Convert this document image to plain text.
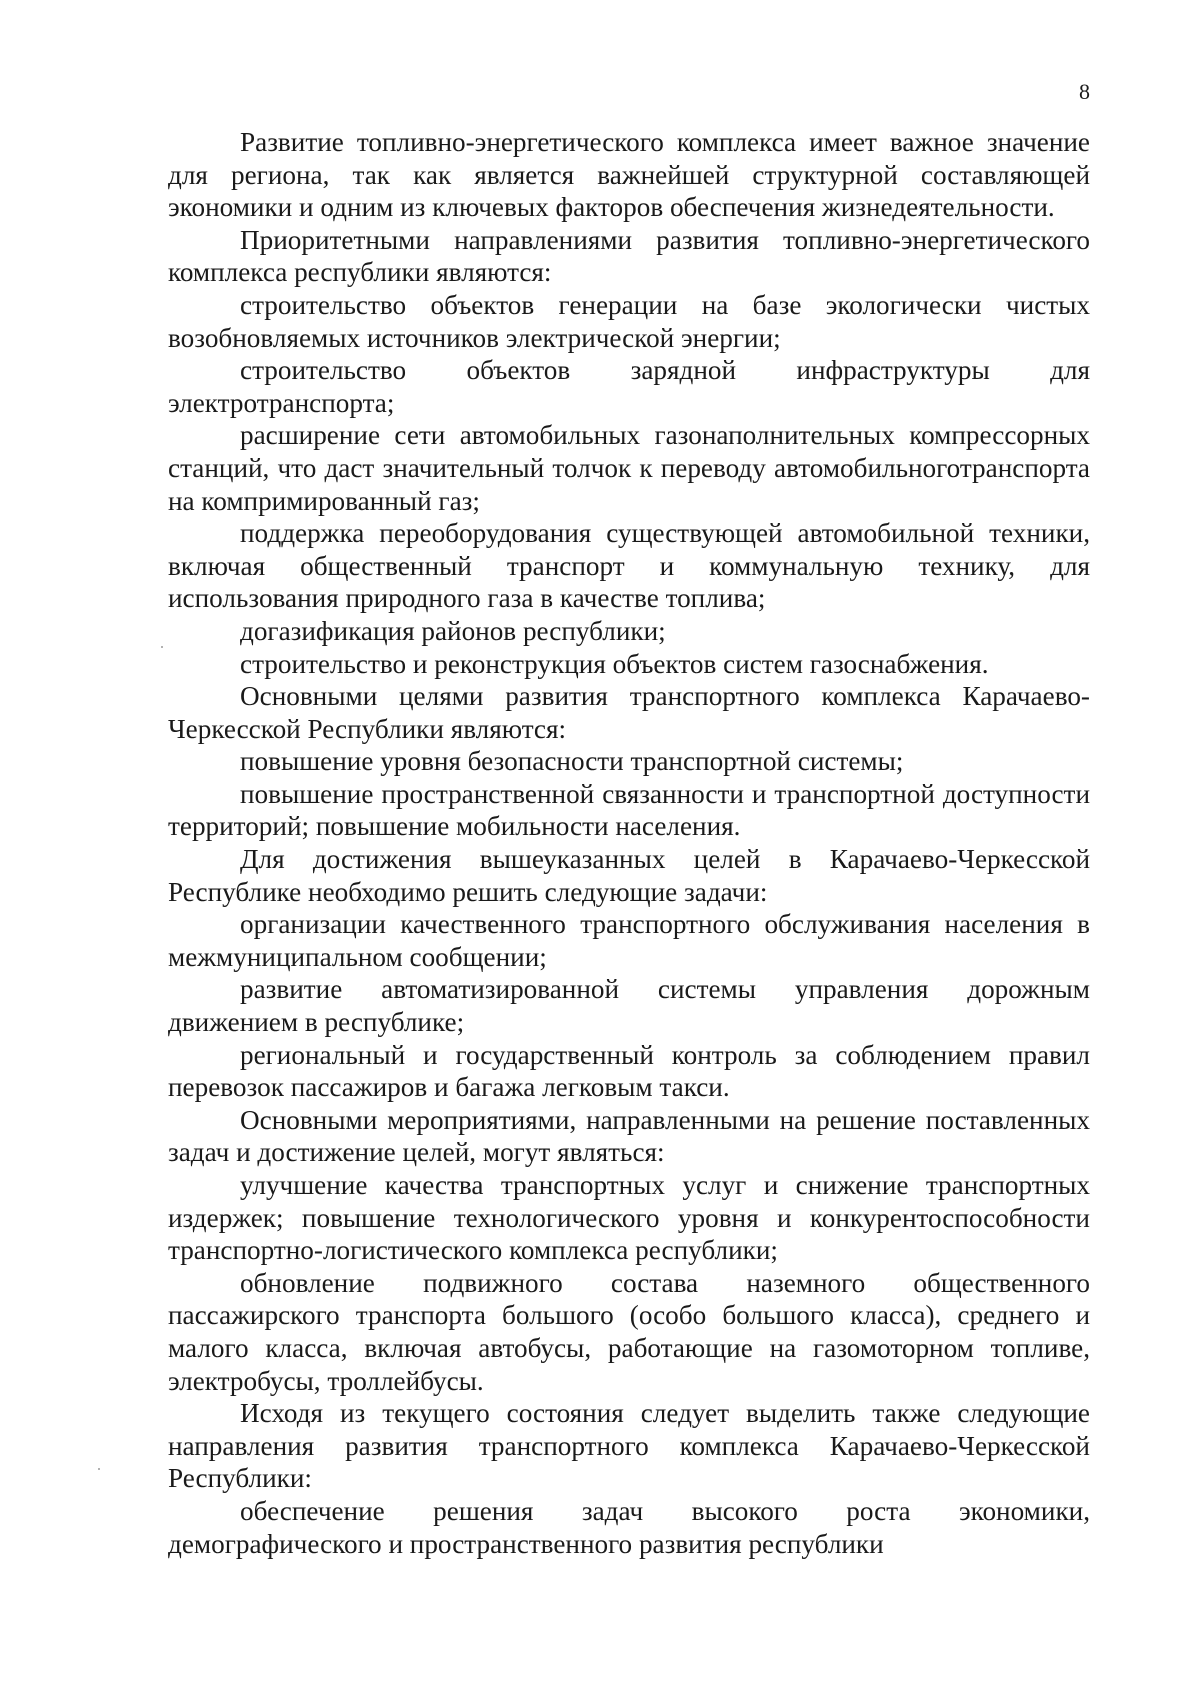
8

Развитие топливно-энергетического комплекса имеет важное значение для региона, так как является важнейшей структурной составляющей экономики и одним из ключевых факторов обеспечения жизнедеятельности.

Приоритетными направлениями развития топливно-энергетического комплекса республики являются:

строительство объектов генерации на базе экологически чистых возобновляемых источников электрической энергии;

строительство объектов зарядной инфраструктуры для электротранспорта;

расширение сети автомобильных газонаполнительных компрессорных станций, что даст значительный толчок к переводу автомобильноготранспорта на компримированный газ;

поддержка переоборудования существующей автомобильной техники, включая общественный транспорт и коммунальную технику, для использования природного газа в качестве топлива;

догазификация районов республики;

строительство и реконструкция объектов систем газоснабжения.

Основными целями развития транспортного комплекса Карачаево-Черкесской Республики являются:

повышение уровня безопасности транспортной системы;

повышение пространственной связанности и транспортной доступности территорий; повышение мобильности населения.

Для достижения вышеуказанных целей в Карачаево-Черкесской Республике необходимо решить следующие задачи:

организации качественного транспортного обслуживания населения в межмуниципальном сообщении;

развитие автоматизированной системы управления дорожным движением в республике;

региональный и государственный контроль за соблюдением правил перевозок пассажиров и багажа легковым такси.

Основными мероприятиями, направленными на решение поставленных задач и достижение целей, могут являться:

улучшение качества транспортных услуг и снижение транспортных издержек; повышение технологического уровня и конкурентоспособности транспортно-логистического комплекса республики;

обновление подвижного состава наземного общественного пассажирского транспорта большого (особо большого класса), среднего и малого класса, включая автобусы, работающие на газомоторном топливе, электробусы, троллейбусы.

Исходя из текущего состояния следует выделить также следующие направления развития транспортного комплекса Карачаево-Черкесской Республики:

обеспечение решения задач высокого роста экономики, демографического и пространственного развития республики
